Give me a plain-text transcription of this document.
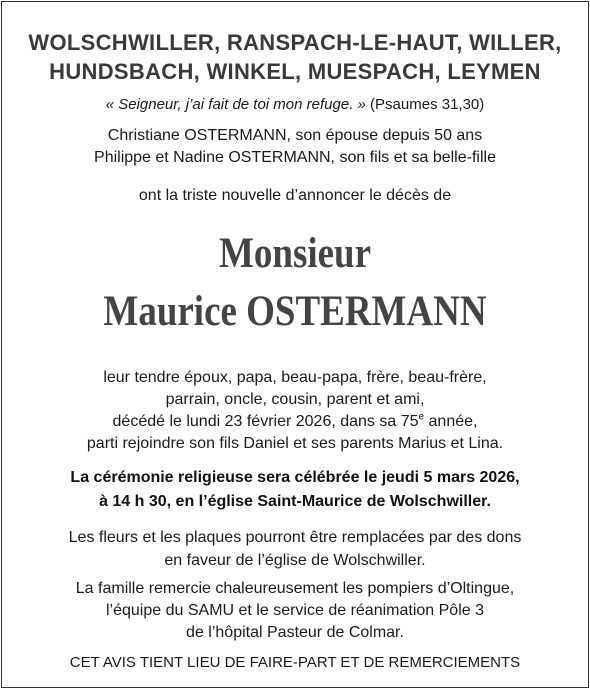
WOLSCHWILLER, RANSPACH-LE-HAUT, WILLER,
HUNDSBACH, WINKEL, MUESPACH, LEYMEN
« Seigneur, j’ai fait de toi mon refuge. » (Psaumes 31,30)
Christiane OSTERMANN, son épouse depuis 50 ans
Philippe et Nadine OSTERMANN, son fils et sa belle-fille
ont la triste nouvelle d’annoncer le décès de
Monsieur
Maurice OSTERMANN
leur tendre époux, papa, beau-papa, frère, beau-frère,
parrain, oncle, cousin, parent et ami,
décédé le lundi 23 février 2026, dans sa 75e année,
parti rejoindre son fils Daniel et ses parents Marius et Lina.
La cérémonie religieuse sera célébrée le jeudi 5 mars 2026,
à 14 h 30, en l’église Saint-Maurice de Wolschwiller.
Les fleurs et les plaques pourront être remplacées par des dons
en faveur de l’église de Wolschwiller.
La famille remercie chaleureusement les pompiers d’Oltingue,
l’équipe du SAMU et le service de réanimation Pôle 3
de l’hôpital Pasteur de Colmar.
CET AVIS TIENT LIEU DE FAIRE-PART ET DE REMERCIEMENTS
